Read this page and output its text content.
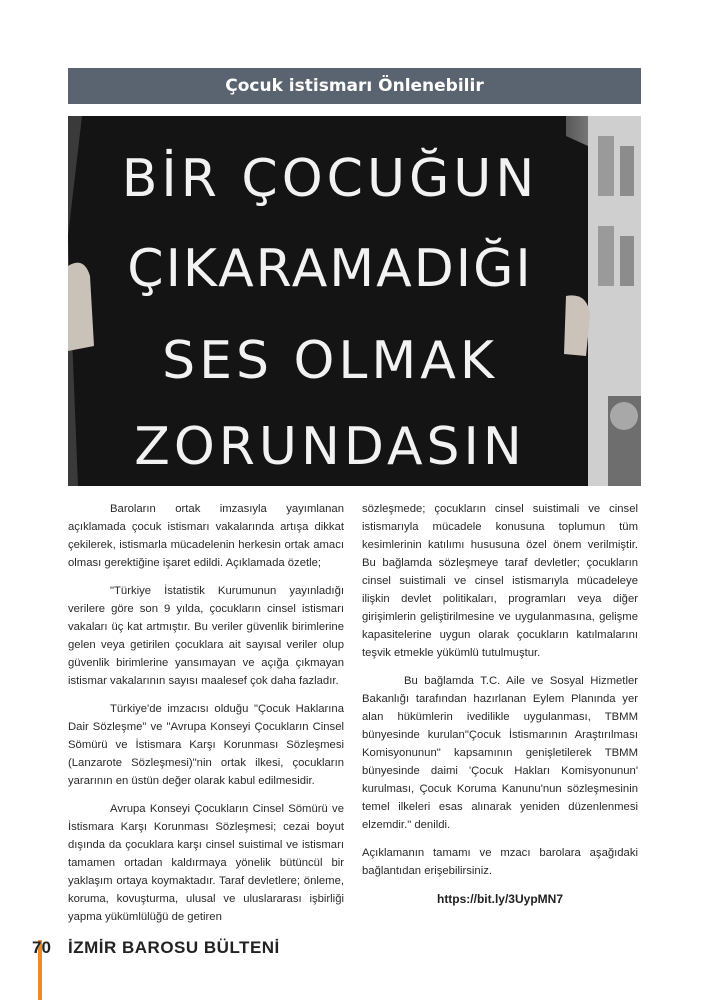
Çocuk istismarı Önlenebilir
BİR ÇOCUĞUN
ÇIKARAMADIĞI
SES OLMAK
ZORUNDASIN

Baroların ortak imzasıyla yayımlanan açıklamada çocuk istismarı vakalarında artışa dikkat çekilerek, istismarla mücadelenin herkesin ortak amacı olması gerektiğine işaret edildi. Açıklamada özetle;

"Türkiye İstatistik Kurumunun yayınladığı verilere göre son 9 yılda, çocukların cinsel istismarı vakaları üç kat artmıştır. Bu veriler güvenlik birimlerine gelen veya getirilen çocuklara ait sayısal veriler olup güvenlik birimlerine yansımayan ve açığa çıkmayan istismar vakalarının sayısı maalesef çok daha fazladır.

Türkiye'de imzacısı olduğu "Çocuk Haklarına Dair Sözleşme" ve "Avrupa Konseyi Çocukların Cinsel Sömürü ve İstismara Karşı Korunması Sözleşmesi (Lanzarote Sözleşmesi)"nin ortak ilkesi, çocukların yararının en üstün değer olarak kabul edilmesidir.

Avrupa Konseyi Çocukların Cinsel Sömürü ve İstismara Karşı Korunması Sözleşmesi; cezai boyut dışında da çocuklara karşı cinsel suistimal ve istismarı tamamen ortadan kaldırmaya yönelik bütüncül bir yaklaşım ortaya koymaktadır. Taraf devletlere; önleme, koruma, kovuşturma, ulusal ve uluslararası işbirliği yapma yükümlülüğü de getiren

sözleşmede; çocukların cinsel suistimali ve cinsel istismarıyla mücadele konusuna toplumun tüm kesimlerinin katılımı hususuna özel önem verilmiştir. Bu bağlamda sözleşmeye taraf devletler; çocukların cinsel suistimali ve cinsel istismarıyla mücadeleye ilişkin devlet politikaları, programları veya diğer girişimlerin geliştirilmesine ve uygulanmasına, gelişme kapasitelerine uygun olarak çocukların katılmalarını teşvik etmekle yükümlü tutulmuştur.

Bu bağlamda T.C. Aile ve Sosyal Hizmetler Bakanlığı tarafından hazırlanan Eylem Planında yer alan hükümlerin ivedilikle uygulanması, TBMM bünyesinde kurulan"Çocuk İstismarının Araştırılması Komisyonunun" kapsamının genişletilerek TBMM bünyesinde daimi 'Çocuk Hakları Komisyonunun' kurulması, Çocuk Koruma Kanunu'nun sözleşmesinin temel ilkeleri esas alınarak yeniden düzenlenmesi elzemdir." denildi.

Açıklamanın tamamı ve mzacı barolara aşağıdaki bağlantıdan erişebilirsiniz.

https://bit.ly/3UypMN7

70 İZMİR BAROSU BÜLTENİ
